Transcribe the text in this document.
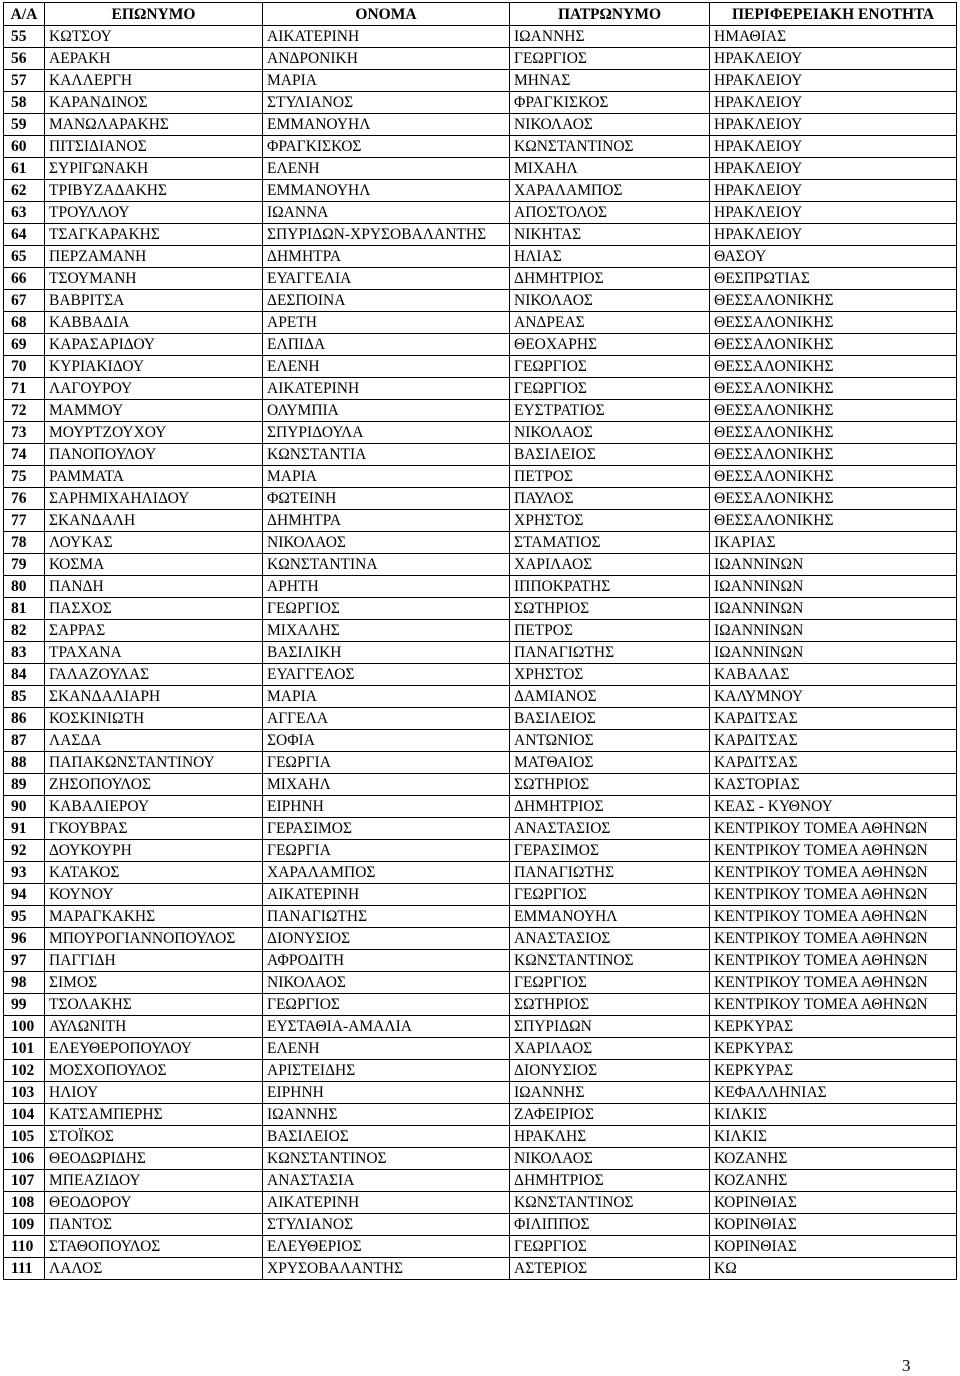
Α/Α	ΕΠΩΝΥΜΟ	ΟΝΟΜΑ	ΠΑΤΡΩΝΥΜΟ	ΠΕΡΙΦΕΡΕΙΑΚΗ ΕΝΟΤΗΤΑ
55	ΚΩΤΣΟΥ	ΑΙΚΑΤΕΡΙΝΗ	ΙΩΑΝΝΗΣ	ΗΜΑΘΙΑΣ
56	ΑΕΡΑΚΗ	ΑΝΔΡΟΝΙΚΗ	ΓΕΩΡΓΙΟΣ	ΗΡΑΚΛΕΙΟΥ
57	ΚΑΛΛΕΡΓΗ	ΜΑΡΙΑ	ΜΗΝΑΣ	ΗΡΑΚΛΕΙΟΥ
58	ΚΑΡΑΝΔΙΝΟΣ	ΣΤΥΛΙΑΝΟΣ	ΦΡΑΓΚΙΣΚΟΣ	ΗΡΑΚΛΕΙΟΥ
59	ΜΑΝΩΛΑΡΑΚΗΣ	ΕΜΜΑΝΟΥΗΛ	ΝΙΚΟΛΑΟΣ	ΗΡΑΚΛΕΙΟΥ
60	ΠΙΤΣΙΔΙΑΝΟΣ	ΦΡΑΓΚΙΣΚΟΣ	ΚΩΝΣΤΑΝΤΙΝΟΣ	ΗΡΑΚΛΕΙΟΥ
61	ΣΥΡΙΓΩΝΑΚΗ	ΕΛΕΝΗ	ΜΙΧΑΗΛ	ΗΡΑΚΛΕΙΟΥ
62	ΤΡΙΒΥΖΑΔΑΚΗΣ	ΕΜΜΑΝΟΥΗΛ	ΧΑΡΑΛΑΜΠΟΣ	ΗΡΑΚΛΕΙΟΥ
63	ΤΡΟΥΛΛΟΥ	ΙΩΑΝΝΑ	ΑΠΟΣΤΟΛΟΣ	ΗΡΑΚΛΕΙΟΥ
64	ΤΣΑΓΚΑΡΑΚΗΣ	ΣΠΥΡΙΔΩΝ-ΧΡΥΣΟΒΑΛΑΝΤΗΣ	ΝΙΚΗΤΑΣ	ΗΡΑΚΛΕΙΟΥ
65	ΠΕΡΖΑΜΑΝΗ	ΔΗΜΗΤΡΑ	ΗΛΙΑΣ	ΘΑΣΟΥ
66	ΤΣΟΥΜΑΝΗ	ΕΥΑΓΓΕΛΙΑ	ΔΗΜΗΤΡΙΟΣ	ΘΕΣΠΡΩΤΙΑΣ
67	ΒΑΒΡΙΤΣΑ	ΔΕΣΠΟΙΝΑ	ΝΙΚΟΛΑΟΣ	ΘΕΣΣΑΛΟΝΙΚΗΣ
68	ΚΑΒΒΑΔΙΑ	ΑΡΕΤΗ	ΑΝΔΡΕΑΣ	ΘΕΣΣΑΛΟΝΙΚΗΣ
69	ΚΑΡΑΣΑΡΙΔΟΥ	ΕΛΠΙΔΑ	ΘΕΟΧΑΡΗΣ	ΘΕΣΣΑΛΟΝΙΚΗΣ
70	ΚΥΡΙΑΚΙΔΟΥ	ΕΛΕΝΗ	ΓΕΩΡΓΙΟΣ	ΘΕΣΣΑΛΟΝΙΚΗΣ
71	ΛΑΓΟΥΡΟΥ	ΑΙΚΑΤΕΡΙΝΗ	ΓΕΩΡΓΙΟΣ	ΘΕΣΣΑΛΟΝΙΚΗΣ
72	ΜΑΜΜΟΥ	ΟΛΥΜΠΙΑ	ΕΥΣΤΡΑΤΙΟΣ	ΘΕΣΣΑΛΟΝΙΚΗΣ
73	ΜΟΥΡΤΖΟΥΧΟΥ	ΣΠΥΡΙΔΟΥΛΑ	ΝΙΚΟΛΑΟΣ	ΘΕΣΣΑΛΟΝΙΚΗΣ
74	ΠΑΝΟΠΟΥΛΟΥ	ΚΩΝΣΤΑΝΤΙΑ	ΒΑΣΙΛΕΙΟΣ	ΘΕΣΣΑΛΟΝΙΚΗΣ
75	ΡΑΜΜΑΤΑ	ΜΑΡΙΑ	ΠΕΤΡΟΣ	ΘΕΣΣΑΛΟΝΙΚΗΣ
76	ΣΑΡΗΜΙΧΑΗΛΙΔΟΥ	ΦΩΤΕΙΝΗ	ΠΑΥΛΟΣ	ΘΕΣΣΑΛΟΝΙΚΗΣ
77	ΣΚΑΝΔΑΛΗ	ΔΗΜΗΤΡΑ	ΧΡΗΣΤΟΣ	ΘΕΣΣΑΛΟΝΙΚΗΣ
78	ΛΟΥΚΑΣ	ΝΙΚΟΛΑΟΣ	ΣΤΑΜΑΤΙΟΣ	ΙΚΑΡΙΑΣ
79	ΚΟΣΜΑ	ΚΩΝΣΤΑΝΤΙΝΑ	ΧΑΡΙΛΑΟΣ	ΙΩΑΝΝΙΝΩΝ
80	ΠΑΝΔΗ	ΑΡΗΤΗ	ΙΠΠΟΚΡΑΤΗΣ	ΙΩΑΝΝΙΝΩΝ
81	ΠΑΣΧΟΣ	ΓΕΩΡΓΙΟΣ	ΣΩΤΗΡΙΟΣ	ΙΩΑΝΝΙΝΩΝ
82	ΣΑΡΡΑΣ	ΜΙΧΑΛΗΣ	ΠΕΤΡΟΣ	ΙΩΑΝΝΙΝΩΝ
83	ΤΡΑΧΑΝΑ	ΒΑΣΙΛΙΚΗ	ΠΑΝΑΓΙΩΤΗΣ	ΙΩΑΝΝΙΝΩΝ
84	ΓΑΛΑΖΟΥΛΑΣ	ΕΥΑΓΓΕΛΟΣ	ΧΡΗΣΤΟΣ	ΚΑΒΑΛΑΣ
85	ΣΚΑΝΔΑΛΙΑΡΗ	ΜΑΡΙΑ	ΔΑΜΙΑΝΟΣ	ΚΑΛΥΜΝΟΥ
86	ΚΟΣΚΙΝΙΩΤΗ	ΑΓΓΕΛΑ	ΒΑΣΙΛΕΙΟΣ	ΚΑΡΔΙΤΣΑΣ
87	ΛΑΣΔΑ	ΣΟΦΙΑ	ΑΝΤΩΝΙΟΣ	ΚΑΡΔΙΤΣΑΣ
88	ΠΑΠΑΚΩΝΣΤΑΝΤΙΝΟΥ	ΓΕΩΡΓΙΑ	ΜΑΤΘΑΙΟΣ	ΚΑΡΔΙΤΣΑΣ
89	ΖΗΣΟΠΟΥΛΟΣ	ΜΙΧΑΗΛ	ΣΩΤΗΡΙΟΣ	ΚΑΣΤΟΡΙΑΣ
90	ΚΑΒΑΛΙΕΡΟΥ	ΕΙΡΗΝΗ	ΔΗΜΗΤΡΙΟΣ	ΚΕΑΣ - ΚΥΘΝΟΥ
91	ΓΚΟΥΒΡΑΣ	ΓΕΡΑΣΙΜΟΣ	ΑΝΑΣΤΑΣΙΟΣ	ΚΕΝΤΡΙΚΟΥ ΤΟΜΕΑ ΑΘΗΝΩΝ
92	ΔΟΥΚΟΥΡΗ	ΓΕΩΡΓΙΑ	ΓΕΡΑΣΙΜΟΣ	ΚΕΝΤΡΙΚΟΥ ΤΟΜΕΑ ΑΘΗΝΩΝ
93	ΚΑΤΑΚΟΣ	ΧΑΡΑΛΑΜΠΟΣ	ΠΑΝΑΓΙΩΤΗΣ	ΚΕΝΤΡΙΚΟΥ ΤΟΜΕΑ ΑΘΗΝΩΝ
94	ΚΟΥΝΟΥ	ΑΙΚΑΤΕΡΙΝΗ	ΓΕΩΡΓΙΟΣ	ΚΕΝΤΡΙΚΟΥ ΤΟΜΕΑ ΑΘΗΝΩΝ
95	ΜΑΡΑΓΚΑΚΗΣ	ΠΑΝΑΓΙΩΤΗΣ	ΕΜΜΑΝΟΥΗΛ	ΚΕΝΤΡΙΚΟΥ ΤΟΜΕΑ ΑΘΗΝΩΝ
96	ΜΠΟΥΡΟΓΙΑΝΝΟΠΟΥΛΟΣ	ΔΙΟΝΥΣΙΟΣ	ΑΝΑΣΤΑΣΙΟΣ	ΚΕΝΤΡΙΚΟΥ ΤΟΜΕΑ ΑΘΗΝΩΝ
97	ΠΑΓΓΙΔΗ	ΑΦΡΟΔΙΤΗ	ΚΩΝΣΤΑΝΤΙΝΟΣ	ΚΕΝΤΡΙΚΟΥ ΤΟΜΕΑ ΑΘΗΝΩΝ
98	ΣΙΜΟΣ	ΝΙΚΟΛΑΟΣ	ΓΕΩΡΓΙΟΣ	ΚΕΝΤΡΙΚΟΥ ΤΟΜΕΑ ΑΘΗΝΩΝ
99	ΤΣΟΛΑΚΗΣ	ΓΕΩΡΓΙΟΣ	ΣΩΤΗΡΙΟΣ	ΚΕΝΤΡΙΚΟΥ ΤΟΜΕΑ ΑΘΗΝΩΝ
100	ΑΥΛΩΝΙΤΗ	ΕΥΣΤΑΘΙΑ-ΑΜΑΛΙΑ	ΣΠΥΡΙΔΩΝ	ΚΕΡΚΥΡΑΣ
101	ΕΛΕΥΘΕΡΟΠΟΥΛΟΥ	ΕΛΕΝΗ	ΧΑΡΙΛΑΟΣ	ΚΕΡΚΥΡΑΣ
102	ΜΟΣΧΟΠΟΥΛΟΣ	ΑΡΙΣΤΕΙΔΗΣ	ΔΙΟΝΥΣΙΟΣ	ΚΕΡΚΥΡΑΣ
103	ΗΛΙΟΥ	ΕΙΡΗΝΗ	ΙΩΑΝΝΗΣ	ΚΕΦΑΛΛΗΝΙΑΣ
104	ΚΑΤΣΑΜΠΕΡΗΣ	ΙΩΑΝΝΗΣ	ΖΑΦΕΙΡΙΟΣ	ΚΙΛΚΙΣ
105	ΣΤΟΪΚΟΣ	ΒΑΣΙΛΕΙΟΣ	ΗΡΑΚΛΗΣ	ΚΙΛΚΙΣ
106	ΘΕΟΔΩΡΙΔΗΣ	ΚΩΝΣΤΑΝΤΙΝΟΣ	ΝΙΚΟΛΑΟΣ	ΚΟΖΑΝΗΣ
107	ΜΠΕΑΖΙΔΟΥ	ΑΝΑΣΤΑΣΙΑ	ΔΗΜΗΤΡΙΟΣ	ΚΟΖΑΝΗΣ
108	ΘΕΟΔΟΡΟΥ	ΑΙΚΑΤΕΡΙΝΗ	ΚΩΝΣΤΑΝΤΙΝΟΣ	ΚΟΡΙΝΘΙΑΣ
109	ΠΑΝΤΟΣ	ΣΤΥΛΙΑΝΟΣ	ΦΙΛΙΠΠΟΣ	ΚΟΡΙΝΘΙΑΣ
110	ΣΤΑΘΟΠΟΥΛΟΣ	ΕΛΕΥΘΕΡΙΟΣ	ΓΕΩΡΓΙΟΣ	ΚΟΡΙΝΘΙΑΣ
111	ΛΑΛΟΣ	ΧΡΥΣΟΒΑΛΑΝΤΗΣ	ΑΣΤΕΡΙΟΣ	ΚΩ
3
